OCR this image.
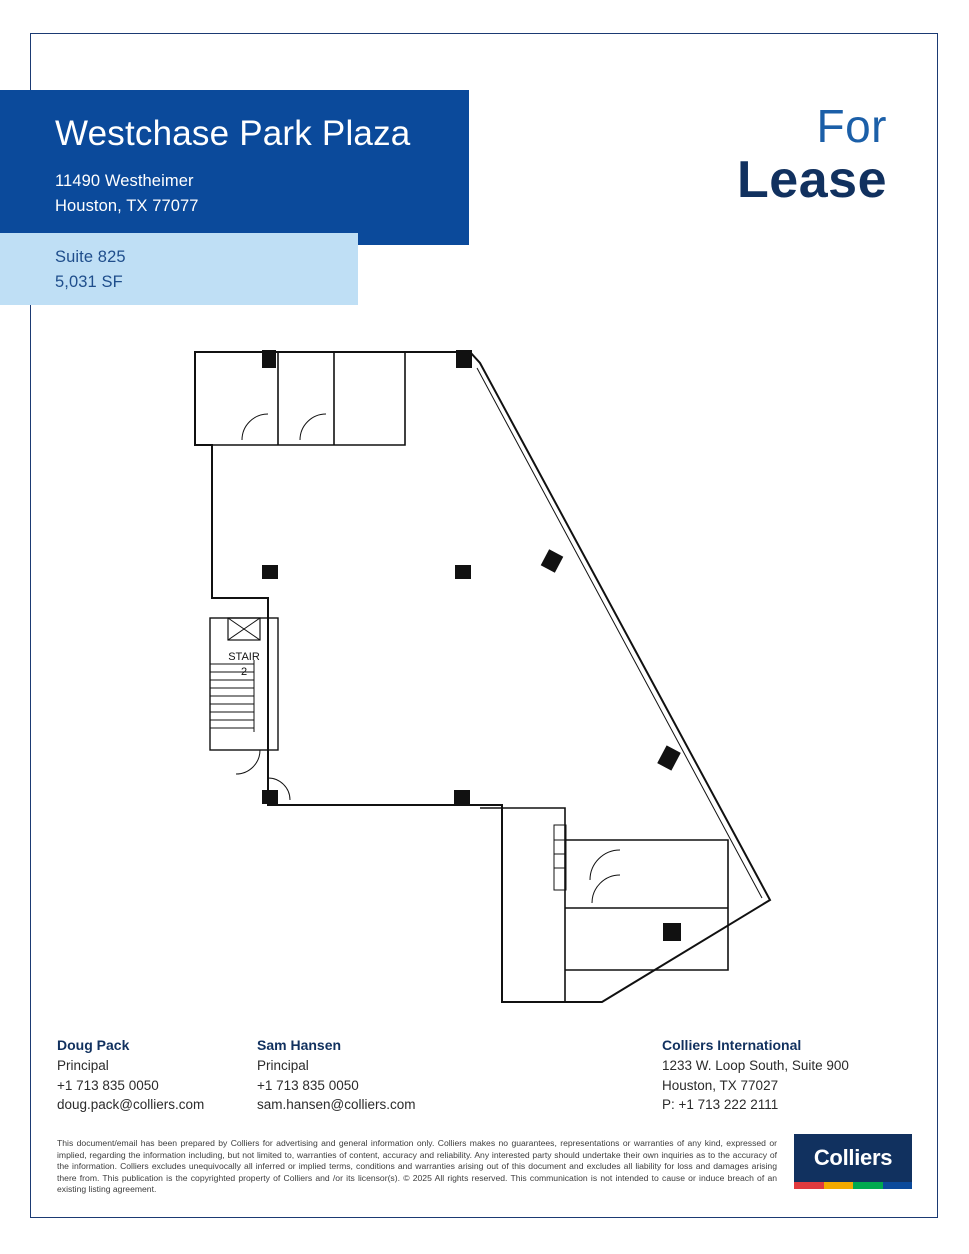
Westchase Park Plaza
11490 Westheimer
Houston, TX 77077
Suite 825
5,031 SF
For
Lease
STAIR
2
Doug Pack
Principal
+1 713 835 0050
doug.pack@colliers.com
Sam Hansen
Principal
+1 713 835 0050
sam.hansen@colliers.com
Colliers International
1233 W. Loop South, Suite 900
Houston, TX 77027
P: +1 713 222 2111
This document/email has been prepared by Colliers for advertising and general information only. Colliers makes no guarantees, representations or warranties of any kind, expressed or implied, regarding the information including, but not limited to, warranties of content, accuracy and reliability. Any interested party should undertake their own inquiries as to the accuracy of the information. Colliers excludes unequivocally all inferred or implied terms, conditions and warranties arising out of this document and excludes all liability for loss and damages arising there from. This publication is the copyrighted property of Colliers and /or its licensor(s). © 2025 All rights reserved. This communication is not intended to cause or induce breach of an existing listing agreement.
Colliers
